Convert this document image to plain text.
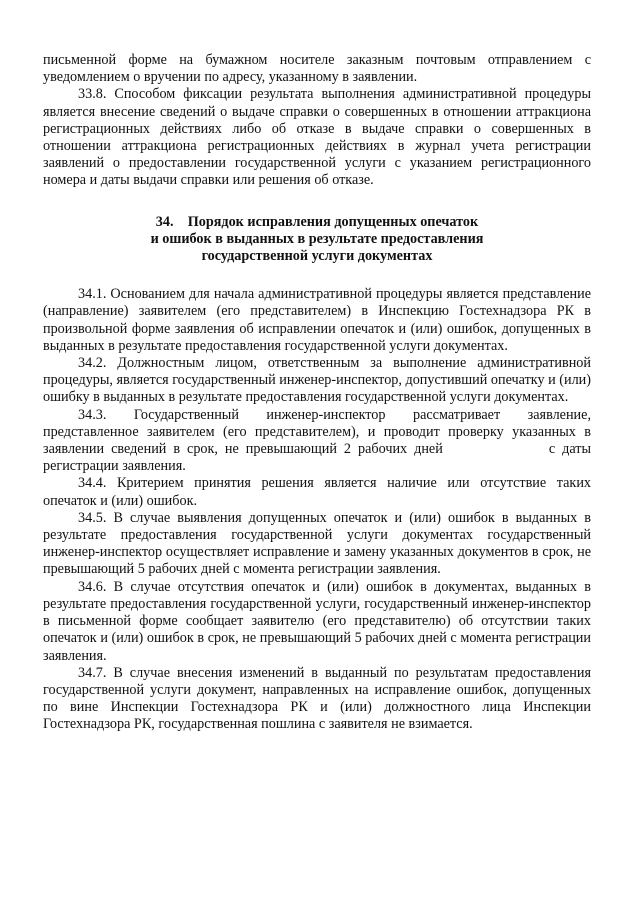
письменной форме на бумажном носителе заказным почтовым отправлением с уведомлением о вручении по адресу, указанному в заявлении.

33.8. Способом фиксации результата выполнения административной процедуры является внесение сведений о выдаче справки о совершенных в отношении аттракциона регистрационных действиях либо об отказе в выдаче справки о совершенных в отношении аттракциона регистрационных действиях в журнал учета регистрации заявлений о предоставлении государственной услуги с указанием регистрационного номера и даты выдачи справки или решения об отказе.

34.    Порядок исправления допущенных опечаток
и ошибок в выданных в результате предоставления
государственной услуги документах

34.1. Основанием для начала административной процедуры является представление (направление) заявителем (его представителем) в Инспекцию Гостехнадзора РК в произвольной форме заявления об исправлении опечаток и (или) ошибок, допущенных в выданных в результате предоставления государственной услуги документах.

34.2. Должностным лицом, ответственным за выполнение административной процедуры, является государственный инженер-инспектор, допустивший опечатку и (или) ошибку в выданных в результате предоставления государственной услуги документах.

34.3. Государственный инженер-инспектор рассматривает заявление, представленное заявителем (его представителем), и проводит проверку указанных в заявлении сведений в срок, не превышающий 2 рабочих дней	с даты регистрации заявления.

34.4. Критерием принятия решения является наличие или отсутствие таких опечаток и (или) ошибок.

34.5. В случае выявления допущенных опечаток и (или) ошибок в выданных в результате предоставления государственной услуги документах государственный инженер-инспектор осуществляет исправление и замену указанных документов в срок, не превышающий 5 рабочих дней с момента регистрации заявления.

34.6. В случае отсутствия опечаток и (или) ошибок в документах, выданных в результате предоставления государственной услуги, государственный инженер-инспектор в письменной форме сообщает заявителю (его представителю) об отсутствии таких опечаток и (или) ошибок в срок, не превышающий 5 рабочих дней с момента регистрации заявления.

34.7. В случае внесения изменений в выданный по результатам предоставления государственной услуги документ, направленных на исправление ошибок, допущенных по вине Инспекции Гостехнадзора РК и (или) должностного лица Инспекции Гостехнадзора РК, государственная пошлина с заявителя не взимается.
